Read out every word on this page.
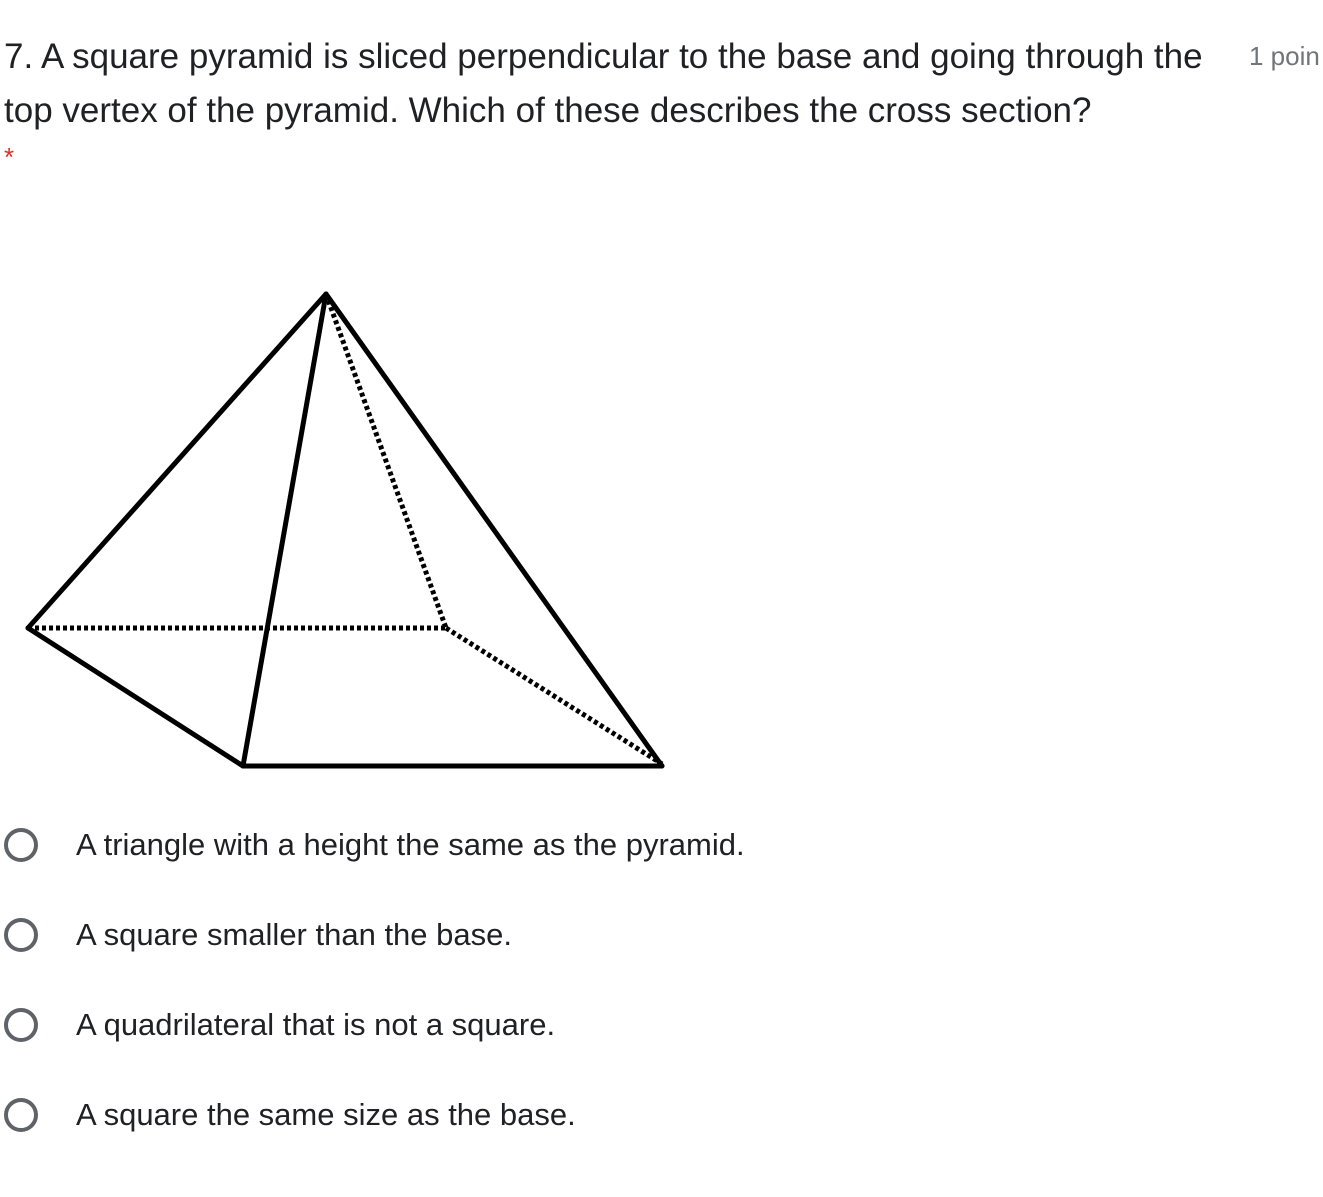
7. A square pyramid is sliced perpendicular to the base and going through the top vertex of the pyramid. Which of these describes the cross section?
1 poin
*
A triangle with a height the same as the pyramid.
A square smaller than the base.
A quadrilateral that is not a square.
A square the same size as the base.
